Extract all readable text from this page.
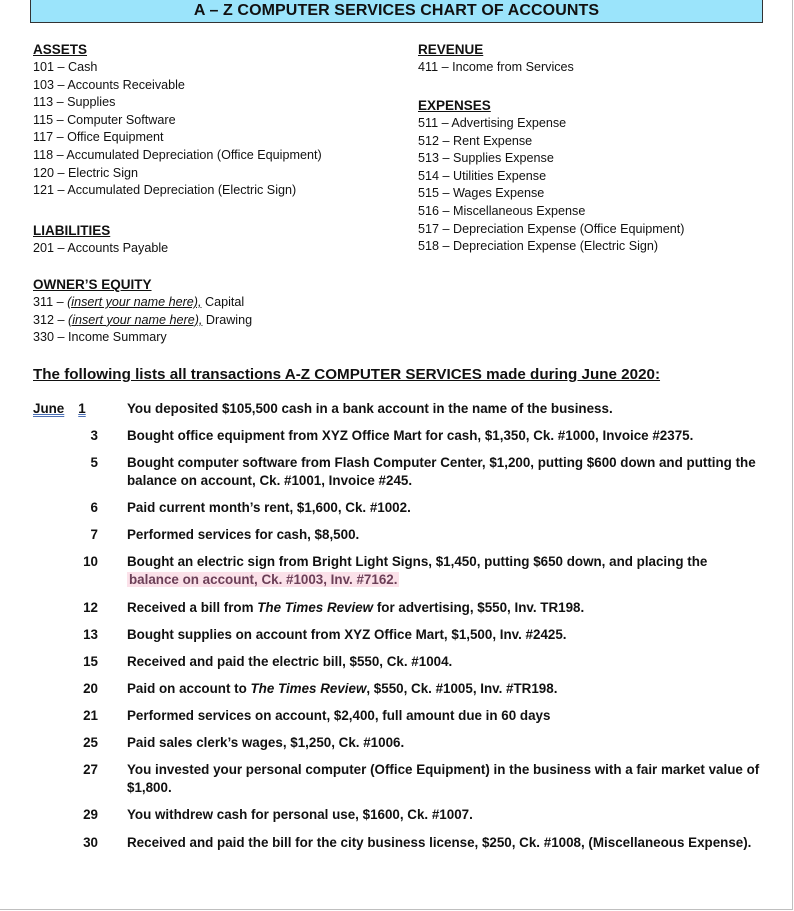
A – Z COMPUTER SERVICES CHART OF ACCOUNTS
ASSETS
101 – Cash
103 – Accounts Receivable
113 – Supplies
115 – Computer Software
117 – Office Equipment
118 – Accumulated Depreciation (Office Equipment)
120 – Electric Sign
121 – Accumulated Depreciation (Electric Sign)
LIABILITIES
201 – Accounts Payable
OWNER’S EQUITY
311 – (insert your name here), Capital
312 – (insert your name here), Drawing
330 – Income Summary
REVENUE
411 – Income from Services
EXPENSES
511 – Advertising Expense
512 – Rent Expense
513 – Supplies Expense
514 – Utilities Expense
515 – Wages Expense
516 – Miscellaneous Expense
517 – Depreciation Expense (Office Equipment)
518 – Depreciation Expense (Electric Sign)
The following lists all transactions A-Z COMPUTER SERVICES made during June 2020:
June 1	You deposited $105,500 cash in a bank account in the name of the business.
3 Bought office equipment from XYZ Office Mart for cash, $1,350, Ck. #1000, Invoice #2375.
5 Bought computer software from Flash Computer Center, $1,200, putting $600 down and putting the balance on account, Ck. #1001, Invoice #245.
6 Paid current month’s rent, $1,600, Ck. #1002.
7 Performed services for cash, $8,500.
10 Bought an electric sign from Bright Light Signs, $1,450, putting $650 down, and placing the
balance on account, Ck. #1003, Inv. #7162.
12 Received a bill from The Times Review for advertising, $550, Inv. TR198.
13 Bought supplies on account from XYZ Office Mart, $1,500, Inv. #2425.
15 Received and paid the electric bill, $550, Ck. #1004.
20 Paid on account to The Times Review, $550, Ck. #1005, Inv. #TR198.
21 Performed services on account, $2,400, full amount due in 60 days
25 Paid sales clerk’s wages, $1,250, Ck. #1006.
27 You invested your personal computer (Office Equipment) in the business with a fair market value of $1,800.
29 You withdrew cash for personal use, $1600, Ck. #1007.
30 Received and paid the bill for the city business license, $250, Ck. #1008, (Miscellaneous Expense).
